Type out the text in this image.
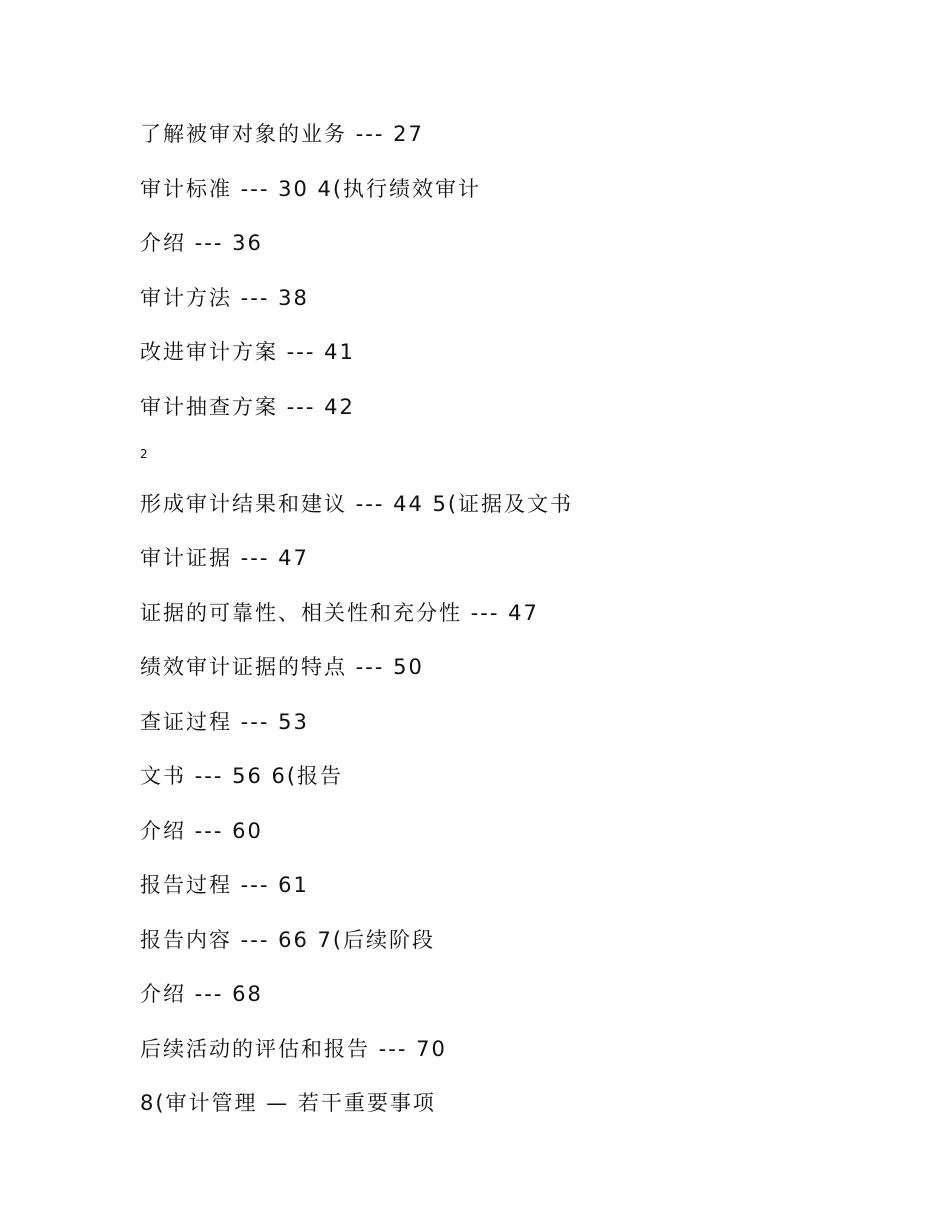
了解被审对象的业务 --- 27
审计标准 --- 30 4(执行绩效审计
介绍 --- 36
审计方法 --- 38
改进审计方案 --- 41
审计抽查方案 --- 42
2
形成审计结果和建议 --- 44 5(证据及文书
审计证据 --- 47
证据的可靠性、相关性和充分性 --- 47
绩效审计证据的特点 --- 50
查证过程 --- 53
文书 --- 56 6(报告
介绍 --- 60
报告过程 --- 61
报告内容 --- 66 7(后续阶段
介绍 --- 68
后续活动的评估和报告 --- 70
8(审计管理 — 若干重要事项
